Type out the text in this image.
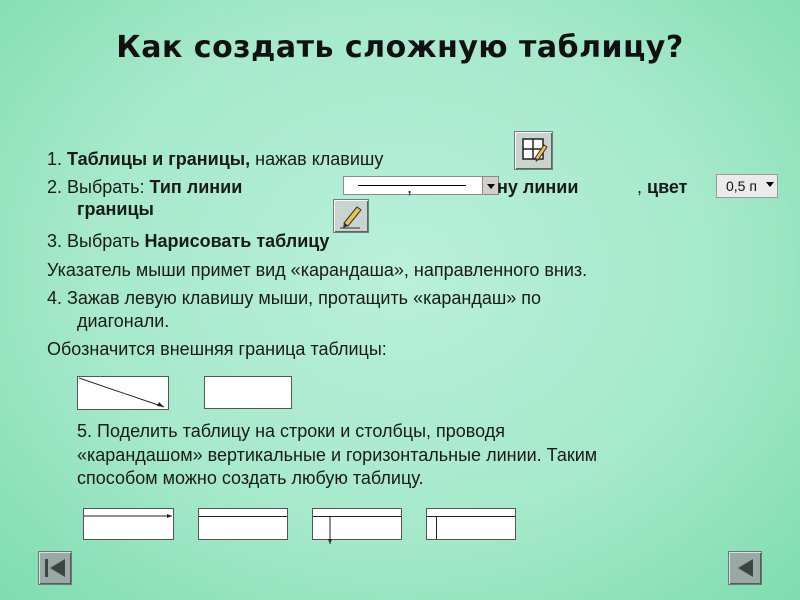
Как создать сложную таблицу?
1. Таблицы и границы, нажав клавишу
2. Выбрать: Тип линии	,	ну линии	, цвет	0,5 п
границы
3. Выбрать Нарисовать таблицу
Указатель мыши примет вид «карандаша», направленного вниз.
4. Зажав левую клавишу мыши, протащить «карандаш» по
диагонали.
Обозначится внешняя граница таблицы:
5. Поделить таблицу на строки и столбцы, проводя
«карандашом» вертикальные и горизонтальные линии. Таким
способом можно создать любую таблицу.
